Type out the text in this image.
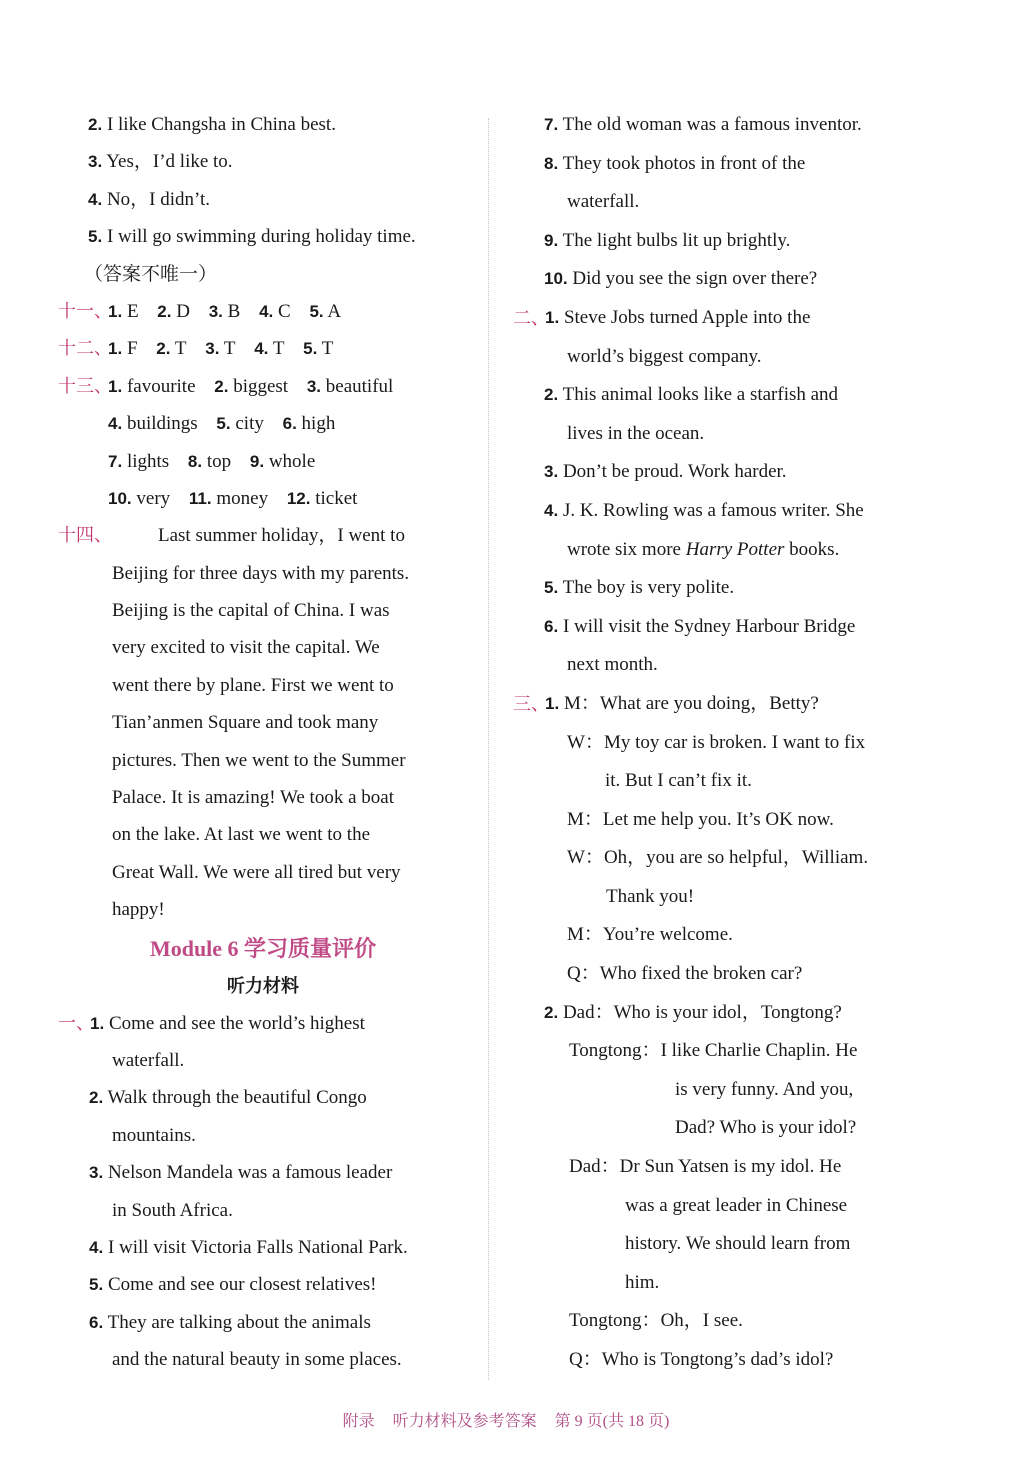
2. I like Changsha in China best.
3. Yes，I’d like to.
4. No，I didn’t.
5. I will go swimming during holiday time.
（答案不唯一）
十一、
1. E 2. D 3. B 4. C 5. A
十二、
1. F 2. T 3. T 4. T 5. T
十三、
1. favourite 2. biggest 3. beautiful
4. buildings 5. city 6. high
7. lights 8. top 9. whole
10. very 11. money 12. ticket
十四、 Last summer holiday，I went to
Beijing for three days with my parents.
Beijing is the capital of China. I was
very excited to visit the capital. We
went there by plane. First we went to
Tian’anmen Square and took many
pictures. Then we went to the Summer
Palace. It is amazing! We took a boat
on the lake. At last we went to the
Great Wall. We were all tired but very
happy!
Module 6 学习质量评价
听力材料
一、
1. Come and see the world’s highest
waterfall.
2. Walk through the beautiful Congo
mountains.
3. Nelson Mandela was a famous leader
in South Africa.
4. I will visit Victoria Falls National Park.
5. Come and see our closest relatives!
6. They are talking about the animals
and the natural beauty in some places.
7. The old woman was a famous inventor.
8. They took photos in front of the
waterfall.
9. The light bulbs lit up brightly.
10. Did you see the sign over there?
二、
1. Steve Jobs turned Apple into the
world’s biggest company.
2. This animal looks like a starfish and
lives in the ocean.
3. Don’t be proud. Work harder.
4. J. K. Rowling was a famous writer. She
wrote six more Harry Potter books.
5. The boy is very polite.
6. I will visit the Sydney Harbour Bridge
next month.
三、
1. M：What are you doing，Betty?
W：My toy car is broken. I want to fix
it. But I can’t fix it.
M：Let me help you. It’s OK now.
W：Oh，you are so helpful，William.
Thank you!
M：You’re welcome.
Q：Who fixed the broken car?
2. Dad：Who is your idol，Tongtong?
Tongtong：I like Charlie Chaplin. He
is very funny. And you,
Dad? Who is your idol?
Dad：Dr Sun Yatsen is my idol. He
was a great leader in Chinese
history. We should learn from
him.
Tongtong：Oh，I see.
Q：Who is Tongtong’s dad’s idol?
附录 听力材料及参考答案 第 9 页(共 18 页)
